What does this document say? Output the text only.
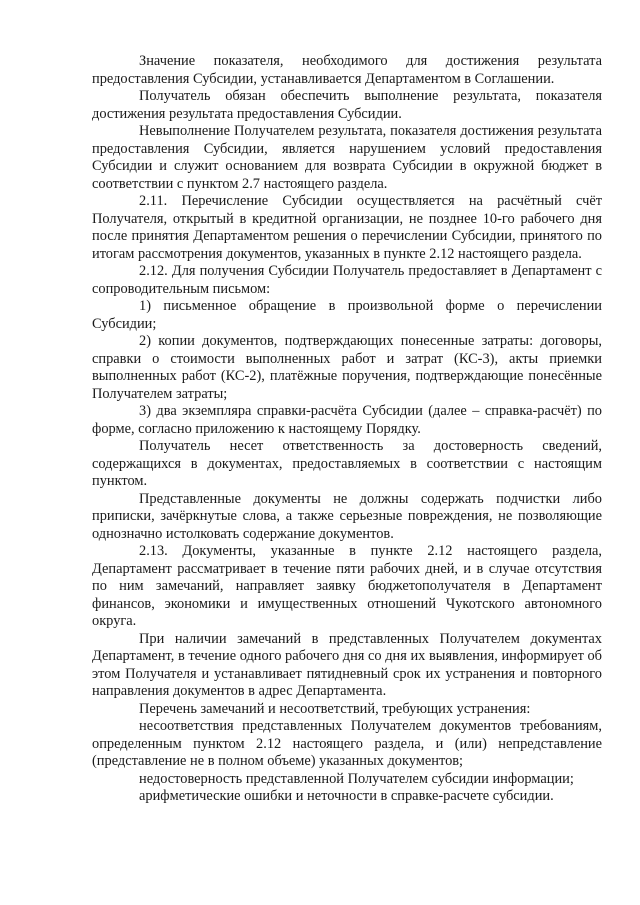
Значение показателя, необходимого для достижения результата предоставления Субсидии, устанавливается Департаментом в Соглашении.

Получатель обязан обеспечить выполнение результата, показателя достижения результата предоставления Субсидии.

Невыполнение Получателем результата, показателя достижения результата предоставления Субсидии, является нарушением условий предоставления Субсидии и служит основанием для возврата Субсидии в окружной бюджет в соответствии с пунктом 2.7 настоящего раздела.

2.11. Перечисление Субсидии осуществляется на расчётный счёт Получателя, открытый в кредитной организации, не позднее 10-го рабочего дня после принятия Департаментом решения о перечислении Субсидии, принятого по итогам рассмотрения документов, указанных в пункте 2.12 настоящего раздела.

2.12. Для получения Субсидии Получатель предоставляет в Департамент с сопроводительным письмом:

1) письменное обращение в произвольной форме о перечислении Субсидии;

2) копии документов, подтверждающих понесенные затраты: договоры, справки о стоимости выполненных работ и затрат (КС-3), акты приемки выполненных работ (КС-2), платёжные поручения, подтверждающие понесённые Получателем затраты;

3) два экземпляра справки-расчёта Субсидии (далее – справка-расчёт) по форме, согласно приложению к настоящему Порядку.

Получатель несет ответственность за достоверность сведений, содержащихся в документах, предоставляемых в соответствии с настоящим пунктом.

Представленные документы не должны содержать подчистки либо приписки, зачёркнутые слова, а также серьезные повреждения, не позволяющие однозначно истолковать содержание документов.

2.13. Документы, указанные в пункте 2.12 настоящего раздела, Департамент рассматривает в течение пяти рабочих дней, и в случае отсутствия по ним замечаний, направляет заявку бюджетополучателя в Департамент финансов, экономики и имущественных отношений Чукотского автономного округа.

При наличии замечаний в представленных Получателем документах Департамент, в течение одного рабочего дня со дня их выявления, информирует об этом Получателя и устанавливает пятидневный срок их устранения и повторного направления документов в адрес Департамента.

Перечень замечаний и несоответствий, требующих устранения:

несоответствия представленных Получателем документов требованиям, определенным пунктом 2.12 настоящего раздела, и (или) непредставление (представление не в полном объеме) указанных документов;

недостоверность представленной Получателем субсидии информации;

арифметические ошибки и неточности в справке-расчете субсидии.
